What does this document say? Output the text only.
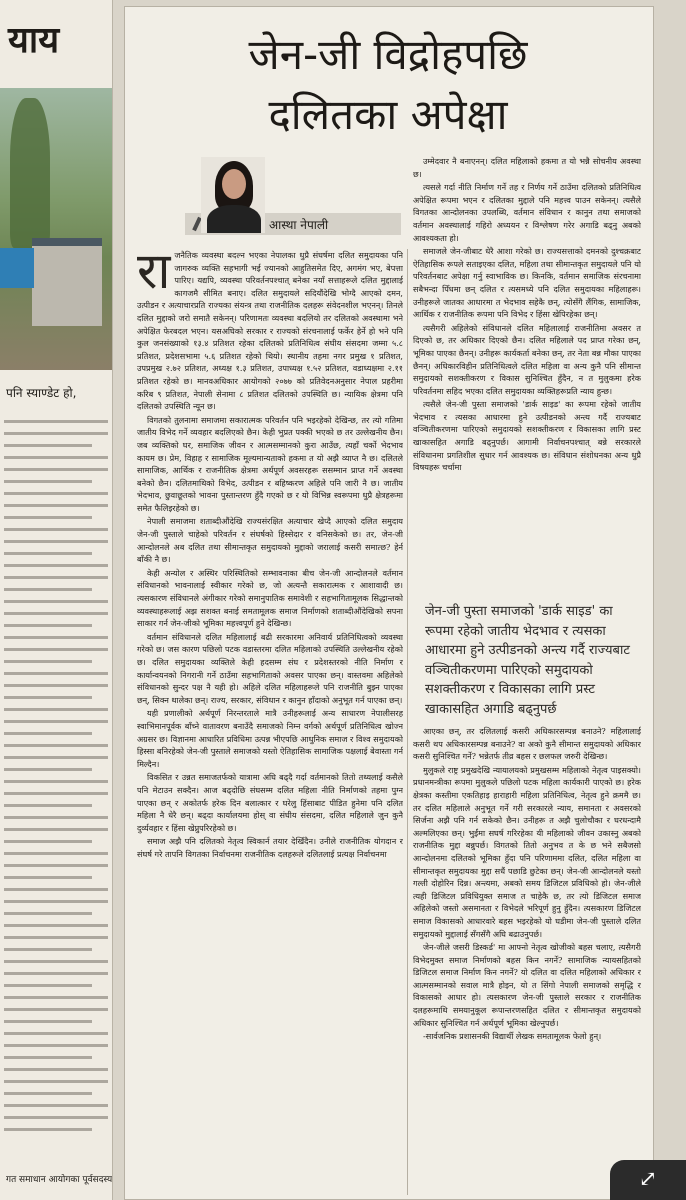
याय
पनि स्याण्डेट हो,
गत समाधान आयोगका पूर्वसदस्य
जेन-जी विद्रोहपछि
दलितका अपेक्षा
आस्था नेपाली
रा जनैतिक व्यवस्था बदल्न भएका नेपालका धुप्रै संघर्षमा दलित समुदायका पनि जागरुक व्यक्ति सहभागी भई ज्यानको आहुतिसमेत दिए, अगमंग भए, बेपत्ता पारिए। यद्यपि, व्यवस्था परिवर्तनपश्चात् बनेका नयाँ सत्ताहरूले दलित मुद्दालाई कागजमै सीमित बनाए। दलित समुदायले सदियौंदेखि भोग्दै आएको दमन, उत्पीडन र अत्याचारप्रति राज्यका संयन्त्र तथा राजनीतिक दलहरू संवेदनशील भएनन्। तिनले दलित मुद्दाको जरो समातै सकेनन्। परिणामतः व्यवस्था बदलियो तर दलितको अवस्थामा भने अपेक्षित फेरबदल भएन। यसअघिको सरकार र राज्यको संरचनालाई फर्केर हेर्ने हो भने पनि कुल जनसंख्याको १३.४ प्रतिशत रहेका दलितको प्रतिनिधित्व संघीय संसदमा जम्मा ५.८ प्रतिशत, प्रदेशसभामा ५.६ प्रतिशत रहेको थियो। स्थानीय तहमा नगर प्रमुख १ प्रतिशत, उपप्रमुख २.७२ प्रतिशत, अध्यक्ष १.३ प्रतिशत, उपाध्यक्ष १.५२ प्रतिशत, वडाध्यक्षमा २.११ प्रतिशत रहेको छ। मानवअधिकार आयोगको २०७७ को प्रतिवेदनअनुसार नेपाल प्रहरीमा करिब ९ प्रतिशत, नेपाली सेनामा ८ प्रतिशत दलितको उपस्थिति छ। न्यायिक क्षेत्रमा पनि दलितको उपस्थिति न्यून छ।

विगतको तुलनामा समाजमा सकारात्मक परिवर्तन पनि भइरहेको देखिन्छ, तर त्यो गतिमा जातीय विभेद गर्ने व्यवहार बदलिएको छैन। केही भुप्रत पक्की भएको छ तर उल्लेखनीय छैन। जब व्यक्तिको घर, समाजिक जीवन र आत्मसम्मानको कुरा आउँछ, त्यहाँ चर्को भेदभाव कायम छ। प्रेम, विहाह र सामाजिक मूल्यमान्यताको हकमा त यो अझै व्याप्त नै छ। दलितले सामाजिक, आर्थिक र राजनीतिक क्षेत्रमा अर्थपूर्ण अवसरहरू ससम्मान प्राप्त गर्ने अवस्था बनेको छैन। दलितमाथिको विभेद, उत्पीडन र बहिष्करण अहिले पनि जारी नै छ। जातीय भेदभाव, छुवाछूतको भावना पुस्तान्तरण हुँदै गएको छ र यो विभिन्न स्वरूपमा धुप्रै क्षेत्रहरूमा समेत फैलिइरहेको छ।

नेपाली समाजमा शताब्दीऔंदेखि राज्यसंरक्षित अत्याचार खेप्दै आएको दलित समुदाय जेन-जी पुस्ताले चाहेको परिवर्तन र संघर्षको हिस्सेदार र वनिसकेको छ। तर, जेन-जी आन्दोलनले अब दलित तथा सीमान्तकृत समुदायको मुद्दाको जरालाई कसरी समात्छ? हेर्न बाँकी नै छ।

केही अन्योल र अस्थिर परिस्थितिको सम्भावनाका बीच जेन-जी आन्दोलनले वर्तमान संविधानको भावनालाई स्वीकार गरेको छ, जो अत्यन्तै सकारात्मक र आशावादी छ। त्यसकारण संविधानले अंगीकार गरेको समानुपातिक समावेशी र सहभागितामूलक सिद्धान्तको व्यवस्थाहरूलाई अझ सशक्त बनाई समतामूलक समाज निर्माणको शताब्दीऔंदेखिको सपना साकार गर्न जेन-जीको भूमिका महत्त्वपूर्ण हुने देखिन्छ।

वर्तमान संविधानले दलित महिलालाई बढी सरकारमा अनिवार्य प्रतिनिधित्वको व्यवस्था गरेको छ। जस कारण पछिलो पटक वडास्तरमा दलित महिलाको उपस्थिति उल्लेखनीय रहेको छ। दलित समुदायका व्यक्तिले केही हदसम्म संघ र प्रदेशस्तरको नीति निर्माण र कार्यान्वयनको निगरानी गर्ने ठाउँमा सहभागिताको अवसर पाएका छन्। वास्तवमा अहिलेको संविधानको सुन्दर पक्ष नै यही हो। अहिले दलित महिलाहरूले पनि राजनीति बुझ्न पाएका छन्, सिक्न थालेका छन्। राज्य, सरकार, संविधान र कानुन हाँदाको अनुभूत गर्न पाएका छन्।

यही प्रणालीको अर्थपूर्ण निरन्तरताले मात्रै उनीहरूलाई अन्य साधारण नेपालीसरह स्वाभिमानपूर्वक बाँच्ने वातावरण बनाउँदै समाजको निम्न वर्गको अर्थपूर्ण प्रतिनिधित्व खोज्न अग्रसर छ। विज्ञानमा आधारित प्रविधिमा उत्पन्न भीएपछि आधुनिक समाज र विश्व समुदायको हिस्सा बनिरहेको जेन-जी पुस्ताले समाजको यस्तो ऐतिहासिक सामाजिक पक्षलाई बेवास्ता गर्न मिल्दैन।

विकसित र उन्नत समाजतर्फको यात्रामा अघि बढ्दै गर्दा वर्तमानको तितो तथ्यलाई कसैले पनि मेटाउन सक्दैन। आज बढ्दोछि संघसम्म दलित महिला नीति निर्माणको तहमा पुग्न पाएका छन् र अकोतर्फ हरेक दिन बलात्कार र घरेलु हिंसाबाट पीडित हुनेमा पनि दलित महिला नै धेरै छन्। बढ्दा कार्यालयमा होस् वा संघीय संसदमा, दलित महिलाले जुन कुनै दुर्व्यवहार र हिंसा खेप्नुपरिरहेको छ।

समाज अझै पनि दलितको नेतृत्व स्विकार्न तयार देखिँदैन। उनीले राजनीतिक योगदान र संघर्ष गरे तापनि विगतका निर्वाचनमा राजनीतिक दलहरूले दलितलाई प्रत्यक्ष निर्वाचनमा

उम्मेदवार नै बनाएनन्। दलित महिलाको हकमा त यो भन्नै सोचनीय अवस्था छ।

त्यसले गर्दा नीति निर्माण गर्ने तह र निर्णय गर्ने ठाउँमा दलितको प्रतिनिधित्व अपेक्षित रूपमा भएन र दलितका मुद्दाले पनि महत्त्व पाउन सकेनन्। त्यसैले विगतका आन्दोलनका उपलब्धि, वर्तमान संविधान र कानुन तथा समाजको वर्तमान अवस्थालाई गहिरो अध्ययन र विश्लेषण गरेर अगाडि बढ्नु अबको आवश्यकता हो।

समाजले जेन-जीबाट धेरै आशा गरेको छ। राज्यसत्ताको दमनको दुश्चक्रबाट ऐतिहासिक रूपले सताइएका दलित, महिला तथा सीमान्तकृत समुदायले पनि यो परिवर्तनबाट अपेक्षा गर्नु स्वाभाविक छ। किनकि, वर्तमान समाजिक संरचनामा सबैभन्दा पिँधमा छन् दलित र त्यसमध्ये पनि दलित समुदायका महिलाहरू। उनीहरूले जातका आधारमा त भेदभाव सहेकै छन्, त्योसँगै लैंगिक, सामाजिक, आर्थिक र राजनीतिक रूपमा पनि विभेद र हिंसा खेपिरहेका छन्।

त्यसैगरी अहिलेको संविधानले दलित महिलालाई राजनीतिमा अवसर त दिएको छ, तर अधिकार दिएको छैन। दलित महिलाले पद प्राप्त गरेका छन्, भूमिका पाएका छैनन्। उनीहरू कार्यकर्ता बनेका छन्, तर नेता बन्न मौका पाएका छैनन्। अधिकारविहीन प्रतिनिधित्वले दलित महिला वा अन्य कुनै पनि सीमान्त समुदायको सशक्तीकरण र विकास सुनिश्चित हुँदैन, न त मुलुकमा हरेक परिवर्तनमा सहिद भएका दलित समुदायका व्यक्तिहरूप्रति न्याय हुन्छ।

त्यसैले जेन-जी पुस्ता समाजको 'डार्क साइड' का रूपमा रहेको जातीय भेदभाव र त्यसका आधारमा हुने उत्पीडनको अन्त्य गर्दै राज्यबाट वञ्चितीकरणमा पारिएको समुदायको सशक्तीकरण र विकासका लागि प्रस्ट खाकासहित अगाडि बढ्नुपर्छ। आगामी निर्वाचनपश्चात् बन्ने सरकारले संविधानमा प्रगतिशील सुधार गर्न आवश्यक छ। संविधान संशोधनका अन्य धुप्रै विषयहरू चर्चामा

जेन-जी पुस्ता समाजको 'डार्क साइड' का रूपमा रहेको जातीय भेदभाव र त्यसका आधारमा हुने उत्पीडनको अन्त्य गर्दै राज्यबाट वञ्चितीकरणमा पारिएको समुदायको सशक्तीकरण र विकासका लागि प्रस्ट खाकासहित अगाडि बढ्नुपर्छ

आएका छन्, तर दलितलाई कसरी अधिकारसम्पन्न बनाउने? महिलालाई कसरी थप अधिकारसम्पन्न बनाउने? वा अको कुनै सीमान्त समुदायको अधिकार कसरी सुनिश्चित गर्ने? भन्नेतर्फ तीव्र बहस र छलफल जरुरी देखिन्छ।

मुलुकले राष्ट्र प्रमुखदेखि न्यायालयको प्रमुखसम्म महिलाको नेतृत्व पाइसक्यो। प्रधानमन्त्रीका रूपमा मुलुकले पछिलो पटक महिला कार्यकारी पाएको छ। हरेक क्षेत्रका कस्तीमा एकतिहाइ हाराहारी महिला प्रतिनिधित्व, नेतृत्व हुने क्रममै छ। तर दलित महिलाले अनुभूत गर्ने गरी सरकारले न्याय, समानता र अवसरको सिर्जना अझै पनि गर्न सकेको छैन। उनीहरू त अझै चुलोचौका र घरधन्दामै अल्मलिएका छन्। भुईंमा सघर्ष गरिरहेका यी महिलाको जीवन उकास्नु अबको राजनीतिक मुद्दा बन्नुपर्छ। विगतको तितो अनुभव त के छ भने सबैजसो आन्दोलनमा दलितको भूमिका हुँदा पनि परिणाममा दलित, दलित महिला वा सीमान्तकृत समुदायका मुद्दा सधैं पछाडि छुटेका छन्। जेन-जी आन्दोलनले यस्तो गल्ती दोहोरिन दिन्न। अन्त्यमा, अबको समय डिजिटल प्रविधिको हो। जेन-जीले त्यही डिजिटल प्रविधियुक्त समाज त चाहेकै छ, तर त्यो डिजिटल समाज अहिलेको जस्तो असमानता र विभेदले भरिपूर्ण हुनु हुँदैन। त्यसकारण डिजिटल समाज विकासको आधारवारे बहस भइरहेको यो घडीमा जेन-जी पुस्ताले दलित समुदायको मुद्दालाई सँगसँगै अघि बढाउनुपर्छ।

जेन-जीले जसरी डिस्कर्ड' मा आफ्नो नेतृत्व खोजीको बहस चलाए, त्यसैगरी विभेदमुक्त समाज निर्माणको बहस किन नगर्ने? सामाजिक न्यायसहितको डिजिटल समाज निर्माण किन नगर्ने? यो दलित वा दलित महिलाको अधिकार र आत्मसम्मानको सवाल मात्रै होइन, यो त सिंगो नेपाली समाजको समृद्धि र विकासको आधार हो। त्यसकारण जेन-जी पुस्ताले सरकार र राजनीतिक दलहरूमाथि समयानुकूल रूपान्तरणसहित दलित र सीमान्तकृत समुदायको अधिकार सुनिश्चित गर्न अर्थपूर्ण भूमिका खेल्नुपर्छ।

-सार्वजनिक प्रशासनकी विद्यार्थी लेखक समतामूलक फेलो हुन्।

⤢
